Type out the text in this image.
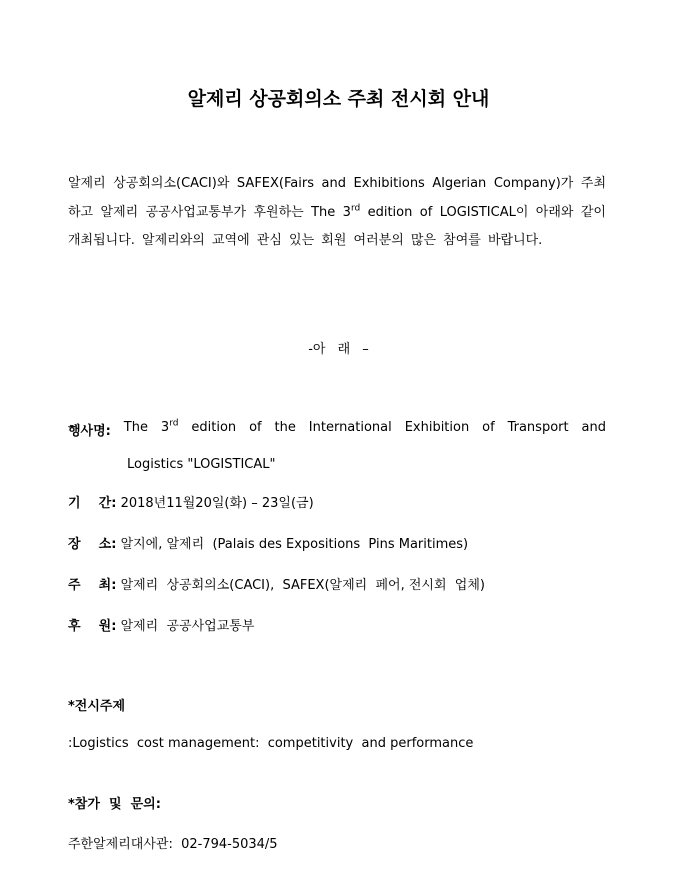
알제리 상공회의소 주최 전시회 안내
알제리 상공회의소(CACI)와 SAFEX(Fairs and Exhibitions Algerian Company)가 주최하고 알제리 공공사업교통부가 후원하는 The 3rd edition of LOGISTICAL이 아래와 같이 개최됩니다. 알제리와의 교역에 관심 있는 회원 여러분의 많은 참여를 바랍니다.
-아 래 –
행사명: The 3rd edition of the International Exhibition of Transport and
Logistics "LOGISTICAL"
기    간: 2018년11월20일(화) – 23일(금)
장    소: 알지에, 알제리  (Palais des Expositions  Pins Maritimes)
주    최: 알제리  상공회의소(CACI),  SAFEX(알제리  페어, 전시회  업체)
후    원: 알제리  공공사업교통부
*전시주제
:Logistics  cost management:  competitivity  and performance
*참가  및  문의:
주한알제리대사관:  02-794-5034/5
